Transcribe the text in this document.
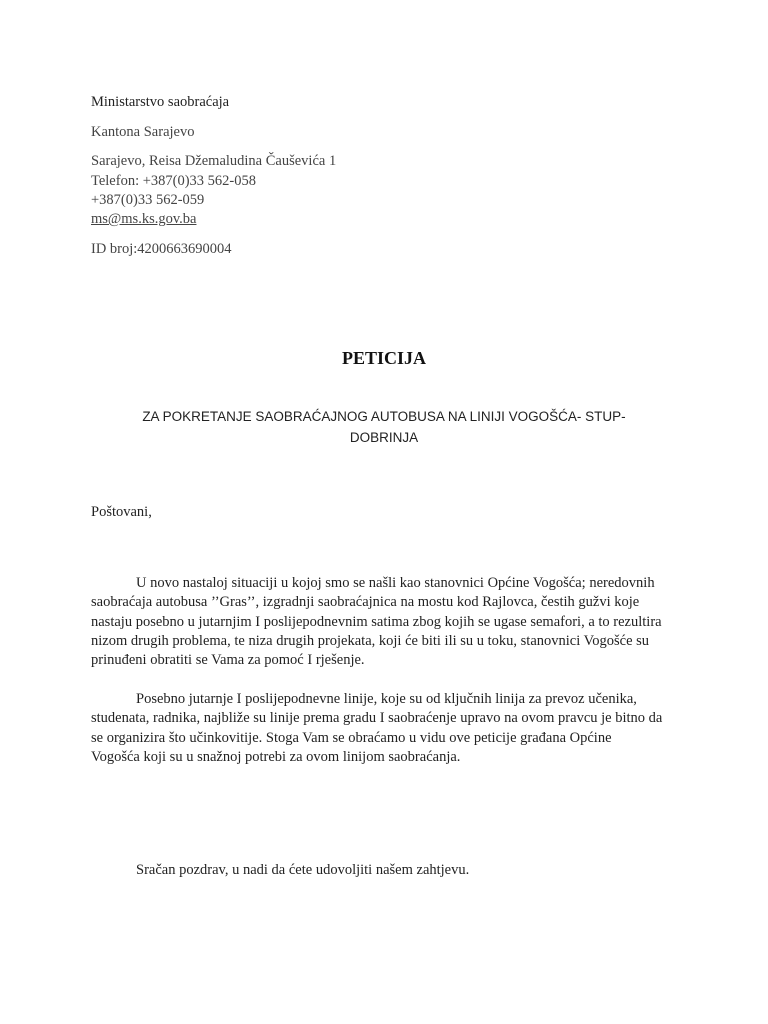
Ministarstvo saobraćaja
Kantona Sarajevo
Sarajevo, Reisa Džemaludina Čauševića 1
Telefon: +387(0)33 562-058
+387(0)33 562-059
ms@ms.ks.gov.ba
ID broj:4200663690004
PETICIJA
ZA POKRETANJE SAOBRAĆAJNOG AUTOBUSA NA LINIJI VOGOŠĆA- STUP-DOBRINJA
Poštovani,
U novo nastaloj situaciji u kojoj smo se našli kao stanovnici Općine Vogošća; neredovnih saobraćaja autobusa ’’Gras’’, izgradnji saobraćajnica na mostu kod Rajlovca, čestih gužvi koje nastaju posebno u jutarnjim I poslijepodnevnim satima zbog kojih se ugase semafori, a to rezultira nizom drugih problema, te niza drugih projekata, koji će biti ili su u toku, stanovnici Vogošće su prinuđeni obratiti se Vama za pomoć I rješenje.
Posebno jutarnje I poslijepodnevne linije, koje su od ključnih linija za prevoz učenika, studenata, radnika, najbliže su linije prema gradu I saobraćenje upravo na ovom pravcu je bitno da se organizira što učinkovitije. Stoga Vam se obraćamo u vidu ove peticije građana Općine Vogošća koji su u snažnoj potrebi za ovom linijom saobraćanja.
Sračan pozdrav, u nadi da ćete udovoljiti našem zahtjevu.
